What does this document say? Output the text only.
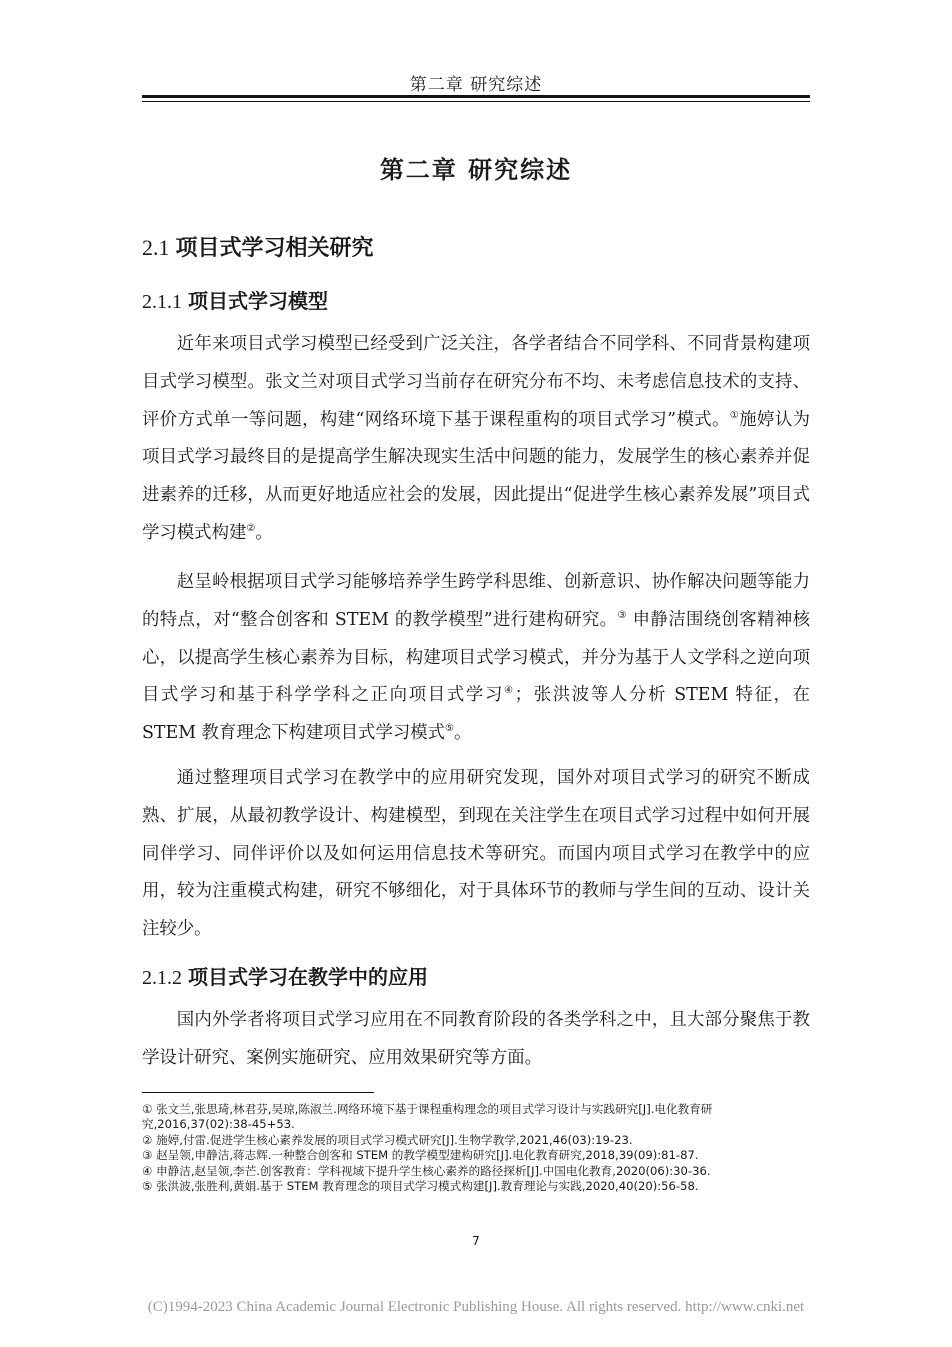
第二章 研究综述
第二章 研究综述
2.1 项目式学习相关研究
2.1.1 项目式学习模型

近年来项目式学习模型已经受到广泛关注，各学者结合不同学科、不同背景构建项目式学习模型。张文兰对项目式学习当前存在研究分布不均、未考虑信息技术的支持、评价方式单一等问题，构建“网络环境下基于课程重构的项目式学习”模式。①施婷认为项目式学习最终目的是提高学生解决现实生活中问题的能力，发展学生的核心素养并促进素养的迁移，从而更好地适应社会的发展，因此提出“促进学生核心素养发展”项目式学习模式构建②。

赵呈岭根据项目式学习能够培养学生跨学科思维、创新意识、协作解决问题等能力的特点，对“整合创客和 STEM 的教学模型”进行建构研究。③ 申静洁围绕创客精神核心，以提高学生核心素养为目标，构建项目式学习模式，并分为基于人文学科之逆向项目式学习和基于科学学科之正向项目式学习④；张洪波等人分析 STEM 特征，在 STEM 教育理念下构建项目式学习模式⑤。

通过整理项目式学习在教学中的应用研究发现，国外对项目式学习的研究不断成熟、扩展，从最初教学设计、构建模型，到现在关注学生在项目式学习过程中如何开展同伴学习、同伴评价以及如何运用信息技术等研究。而国内项目式学习在教学中的应用，较为注重模式构建，研究不够细化，对于具体环节的教师与学生间的互动、设计关注较少。

2.1.2 项目式学习在教学中的应用

国内外学者将项目式学习应用在不同教育阶段的各类学科之中，且大部分聚焦于教学设计研究、案例实施研究、应用效果研究等方面。

① 张文兰,张思琦,林君芬,吴琼,陈淑兰.网络环境下基于课程重构理念的项目式学习设计与实践研究[J].电化教育研究,2016,37(02):38-45+53.

② 施婷,付雷.促进学生核心素养发展的项目式学习模式研究[J].生物学教学,2021,46(03):19-23.

③ 赵呈领,申静洁,蒋志辉.一种整合创客和 STEM 的教学模型建构研究[J].电化教育研究,2018,39(09):81-87.

④ 申静洁,赵呈领,李芒.创客教育：学科视域下提升学生核心素养的路径探析[J].中国电化教育,2020(06):30-36.

⑤ 张洪波,张胜利,黄娟.基于 STEM 教育理念的项目式学习模式构建[J].教育理论与实践,2020,40(20):56-58.

7
(C)1994-2023 China Academic Journal Electronic Publishing House. All rights reserved. http://www.cnki.net
